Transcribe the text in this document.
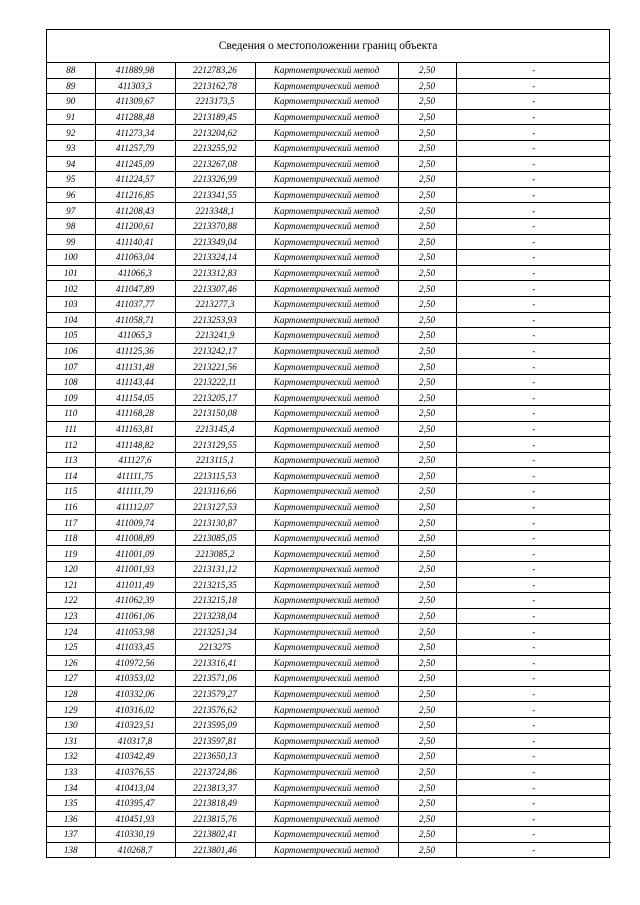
Сведения о местоположении границ объекта
88	411889,98	2212783,26	Картометрический метод	2,50	-
89	411303,3	2213162,78	Картометрический метод	2,50	-
90	411309,67	2213173,5	Картометрический метод	2,50	-
91	411288,48	2213189,45	Картометрический метод	2,50	-
92	411273,34	2213204,62	Картометрический метод	2,50	-
93	411257,79	2213255,92	Картометрический метод	2,50	-
94	411245,09	2213267,08	Картометрический метод	2,50	-
95	411224,57	2213326,99	Картометрический метод	2,50	-
96	411216,85	2213341,55	Картометрический метод	2,50	-
97	411208,43	2213348,1	Картометрический метод	2,50	-
98	411200,61	2213370,88	Картометрический метод	2,50	-
99	411140,41	2213349,04	Картометрический метод	2,50	-
100	411063,04	2213324,14	Картометрический метод	2,50	-
101	411066,3	2213312,83	Картометрический метод	2,50	-
102	411047,89	2213307,46	Картометрический метод	2,50	-
103	411037,77	2213277,3	Картометрический метод	2,50	-
104	411058,71	2213253,93	Картометрический метод	2,50	-
105	411065,3	2213241,9	Картометрический метод	2,50	-
106	411125,36	2213242,17	Картометрический метод	2,50	-
107	411131,48	2213221,56	Картометрический метод	2,50	-
108	411143,44	2213222,11	Картометрический метод	2,50	-
109	411154,05	2213205,17	Картометрический метод	2,50	-
110	411168,28	2213150,08	Картометрический метод	2,50	-
111	411163,81	2213145,4	Картометрический метод	2,50	-
112	411148,82	2213129,55	Картометрический метод	2,50	-
113	411127,6	2213115,1	Картометрический метод	2,50	-
114	411111,75	2213115,53	Картометрический метод	2,50	-
115	411111,79	2213116,66	Картометрический метод	2,50	-
116	411112,07	2213127,53	Картометрический метод	2,50	-
117	411009,74	2213130,87	Картометрический метод	2,50	-
118	411008,89	2213085,05	Картометрический метод	2,50	-
119	411001,09	2213085,2	Картометрический метод	2,50	-
120	411001,93	2213131,12	Картометрический метод	2,50	-
121	411011,49	2213215,35	Картометрический метод	2,50	-
122	411062,39	2213215,18	Картометрический метод	2,50	-
123	411061,06	2213238,04	Картометрический метод	2,50	-
124	411053,98	2213251,34	Картометрический метод	2,50	-
125	411033,45	2213275	Картометрический метод	2,50	-
126	410972,56	2213316,41	Картометрический метод	2,50	-
127	410353,02	2213571,06	Картометрический метод	2,50	-
128	410332,06	2213579,27	Картометрический метод	2,50	-
129	410316,02	2213576,62	Картометрический метод	2,50	-
130	410323,51	2213595,09	Картометрический метод	2,50	-
131	410317,8	2213597,81	Картометрический метод	2,50	-
132	410342,49	2213650,13	Картометрический метод	2,50	-
133	410376,55	2213724,86	Картометрический метод	2,50	-
134	410413,04	2213813,37	Картометрический метод	2,50	-
135	410395,47	2213818,49	Картометрический метод	2,50	-
136	410451,93	2213815,76	Картометрический метод	2,50	-
137	410330,19	2213802,41	Картометрический метод	2,50	-
138	410268,7	2213801,46	Картометрический метод	2,50	-
